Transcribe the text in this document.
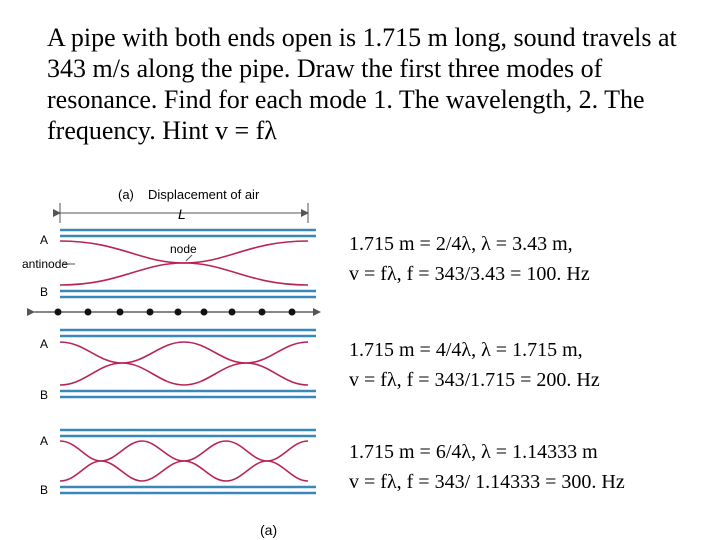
A pipe with both ends open is 1.715 m long, sound travels at 343 m/s along the pipe. Draw the first three modes of resonance. Find for each mode 1. The wavelength, 2. The frequency. Hint v = fλ
1.715 m = 2/4λ, λ = 3.43 m,
v = fλ, f = 343/3.43 = 100. Hz
1.715 m = 4/4λ, λ = 1.715 m,
v = fλ, f = 343/1.715 = 200. Hz
1.715 m = 6/4λ, λ = 1.14333 m
v = fλ, f = 343/ 1.14333 = 300. Hz
(a) Displacement of air
L
node
antinode
A
B
A
B
A
B
(a)
